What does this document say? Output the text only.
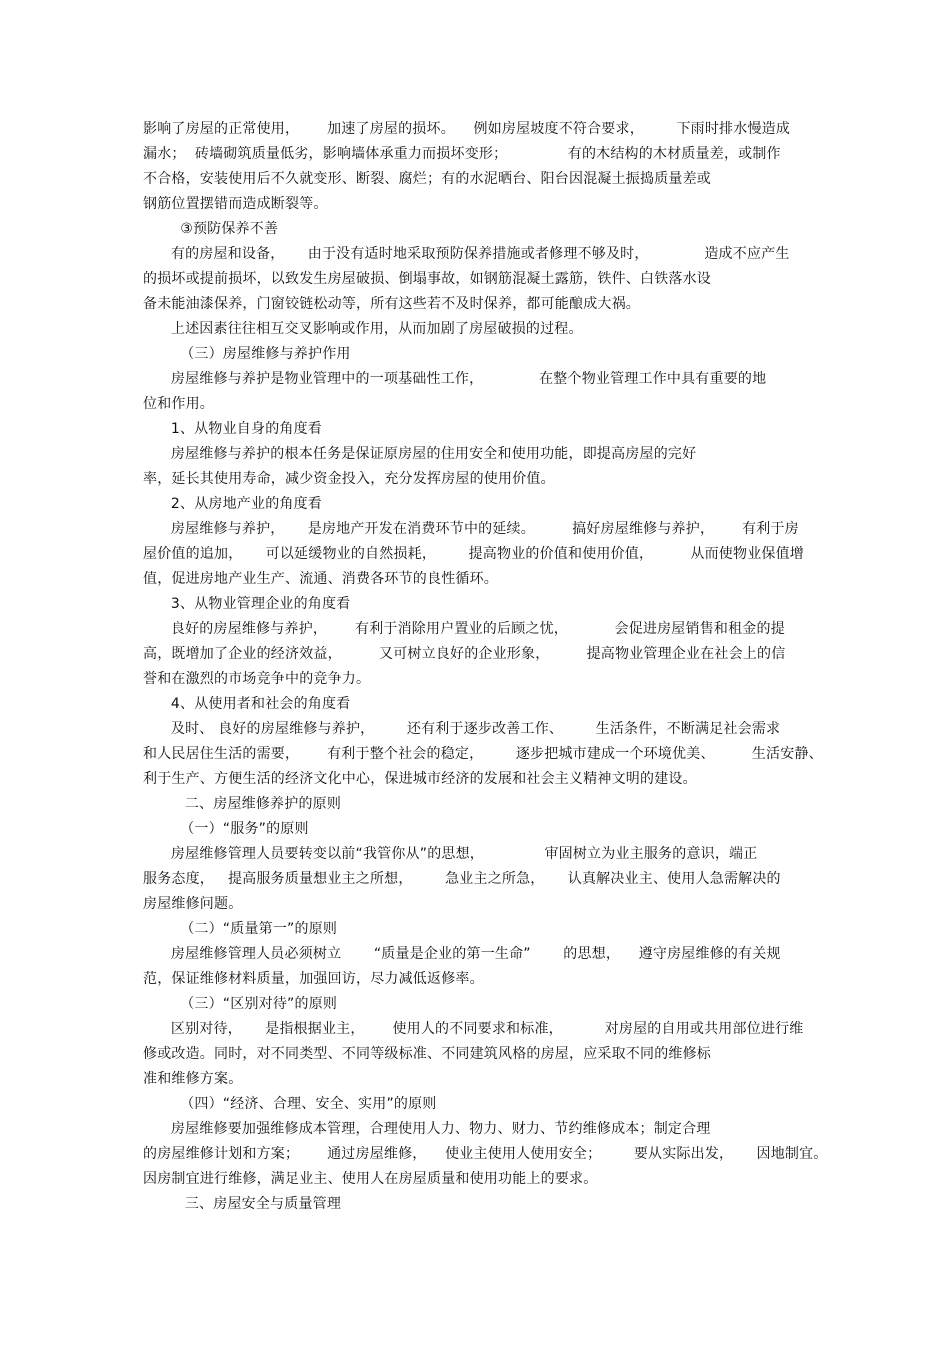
影响了房屋的正常使用，      加速了房屋的损坏。    例如房屋坡度不符合要求，       下雨时排水慢造成
漏水；  砖墙砌筑质量低劣，影响墙体承重力而损坏变形；             有的木结构的木材质量差，或制作
不合格，安装使用后不久就变形、断裂、腐烂；有的水泥晒台、阳台因混凝土振捣质量差或
钢筋位置摆错而造成断裂等。
③预防保养不善
有的房屋和设备，     由于没有适时地采取预防保养措施或者修理不够及时，            造成不应产生
的损坏或提前损坏，以致发生房屋破损、倒塌事故，如钢筋混凝土露筋，铁件、白铁落水设
备未能油漆保养，门窗铰链松动等，所有这些若不及时保养，都可能酿成大祸。
上述因素往往相互交叉影响或作用，从而加剧了房屋破损的过程。
（三）房屋维修与养护作用
房屋维修与养护是物业管理中的一项基础性工作，            在整个物业管理工作中具有重要的地
位和作用。
1、从物业自身的角度看
房屋维修与养护的根本任务是保证原房屋的住用安全和使用功能，即提高房屋的完好
率，延长其使用寿命，减少资金投入，充分发挥房屋的使用价值。
2、从房地产业的角度看
房屋维修与养护，     是房地产开发在消费环节中的延续。        搞好房屋维修与养护，      有利于房
屋价值的追加，     可以延缓物业的自然损耗，       提高物业的价值和使用价值，        从而使物业保值增
值，促进房地产业生产、流通、消费各环节的良性循环。
3、从物业管理企业的角度看
良好的房屋维修与养护，      有利于消除用户置业的后顾之忧，          会促进房屋销售和租金的提
高，既增加了企业的经济效益，        又可树立良好的企业形象，        提高物业管理企业在社会上的信
誉和在激烈的市场竞争中的竞争力。
4、从使用者和社会的角度看
及时、 良好的房屋维修与养护，       还有利于逐步改善工作、       生活条件，不断满足社会需求
和人民居住生活的需要，      有利于整个社会的稳定，       逐步把城市建成一个环境优美、        生活安静、
利于生产、方便生活的经济文化中心，保进城市经济的发展和社会主义精神文明的建设。
二、房屋维修养护的原则
（一）“服务”的原则
房屋维修管理人员要转变以前“我管你从”的思想，             审固树立为业主服务的意识，端正
服务态度，   提高服务质量想业主之所想，       急业主之所急，     认真解决业主、使用人急需解决的
房屋维修问题。
（二）“质量第一”的原则
房屋维修管理人员必须树立       “质量是企业的第一生命”       的思想，    遵守房屋维修的有关规
范，保证维修材料质量，加强回访，尽力减低返修率。
（三）“区别对待”的原则
区别对待，     是指根据业主，      使用人的不同要求和标准，         对房屋的自用或共用部位进行维
修或改造。同时，对不同类型、不同等级标准、不同建筑风格的房屋，应采取不同的维修标
准和维修方案。
（四）“经济、合理、安全、实用”的原则
房屋维修要加强维修成本管理，合理使用人力、物力、财力、节约维修成本；制定合理
的房屋维修计划和方案；      通过房屋维修，    使业主使用人使用安全；       要从实际出发，     因地制宜。
因房制宜进行维修，满足业主、使用人在房屋质量和使用功能上的要求。
三、房屋安全与质量管理
